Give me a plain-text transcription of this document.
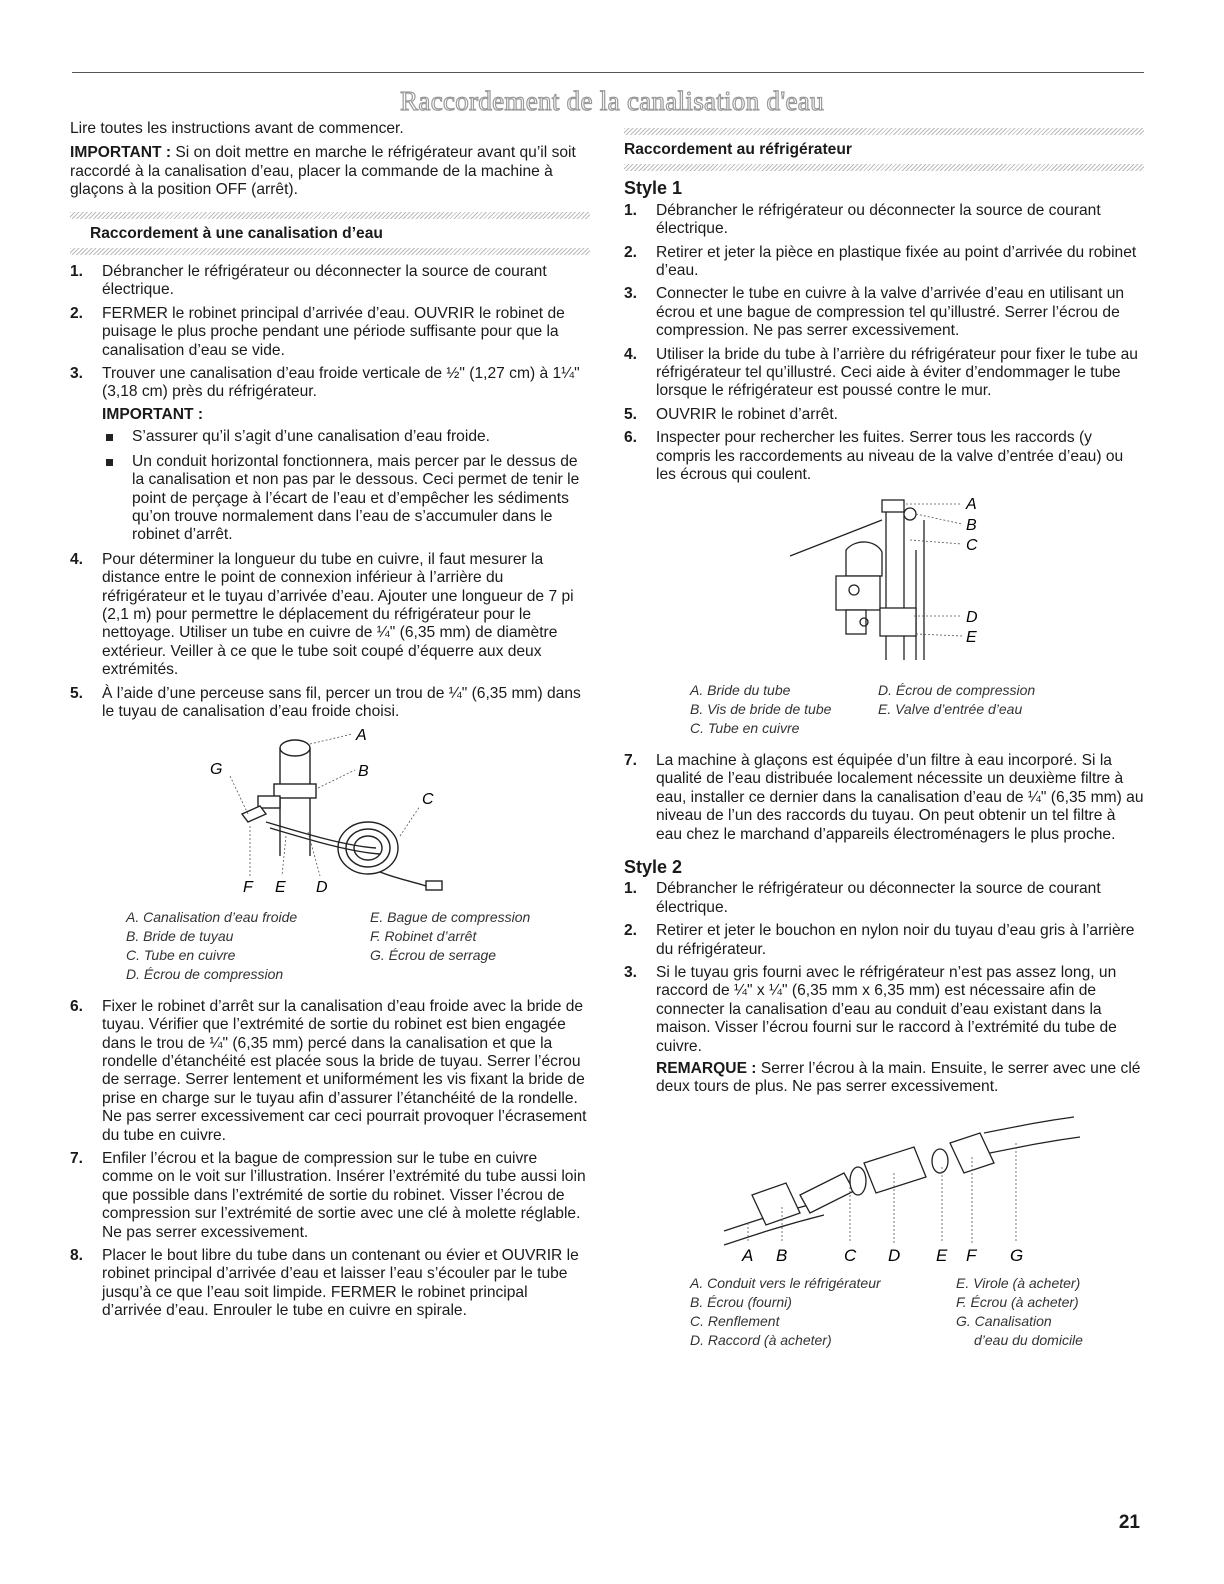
Raccordement de la canalisation d'eau

Lire toutes les instructions avant de commencer.

IMPORTANT : Si on doit mettre en marche le réfrigérateur avant qu’il soit raccordé à la canalisation d’eau, placer la commande de la machine à glaçons à la position OFF (arrêt).

Raccordement à une canalisation d’eau
1. Débrancher le réfrigérateur ou déconnecter la source de courant électrique.
2. FERMER le robinet principal d’arrivée d’eau. OUVRIR le robinet de puisage le plus proche pendant une période suffisante pour que la canalisation d’eau se vide.
3. Trouver une canalisation d’eau froide verticale de ½" (1,27 cm) à 1¼" (3,18 cm) près du réfrigérateur.
IMPORTANT :
S’assurer qu’il s’agit d’une canalisation d’eau froide.
Un conduit horizontal fonctionnera, mais percer par le dessus de la canalisation et non pas par le dessous. Ceci permet de tenir le point de perçage à l’écart de l’eau et d’empêcher les sédiments qu’on trouve normalement dans l’eau de s’accumuler dans le robinet d’arrêt.
4. Pour déterminer la longueur du tube en cuivre, il faut mesurer la distance entre le point de connexion inférieur à l’arrière du réfrigérateur et le tuyau d’arrivée d’eau. Ajouter une longueur de 7 pi (2,1 m) pour permettre le déplacement du réfrigérateur pour le nettoyage. Utiliser un tube en cuivre de ¼" (6,35 mm) de diamètre extérieur. Veiller à ce que le tube soit coupé d’équerre aux deux extrémités.
5. À l’aide d’une perceuse sans fil, percer un trou de ¼" (6,35 mm) dans le tuyau de canalisation d’eau froide choisi.
A
B
C
D
E
F
G
A. Canalisation d’eau froide	E. Bague de compression
B. Bride de tuyau	F. Robinet d’arrêt
C. Tube en cuivre	G. Écrou de serrage
D. Écrou de compression
6. Fixer le robinet d’arrêt sur la canalisation d’eau froide avec la bride de tuyau. Vérifier que l’extrémité de sortie du robinet est bien engagée dans le trou de ¼" (6,35 mm) percé dans la canalisation et que la rondelle d’étanchéité est placée sous la bride de tuyau. Serrer l’écrou de serrage. Serrer lentement et uniformément les vis fixant la bride de prise en charge sur le tuyau afin d’assurer l’étanchéité de la rondelle. Ne pas serrer excessivement car ceci pourrait provoquer l’écrasement du tube en cuivre.
7. Enfiler l’écrou et la bague de compression sur le tube en cuivre comme on le voit sur l’illustration. Insérer l’extrémité du tube aussi loin que possible dans l’extrémité de sortie du robinet. Visser l’écrou de compression sur l’extrémité de sortie avec une clé à molette réglable. Ne pas serrer excessivement.
8. Placer le bout libre du tube dans un contenant ou évier et OUVRIR le robinet principal d’arrivée d’eau et laisser l’eau s’écouler par le tube jusqu’à ce que l’eau soit limpide. FERMER le robinet principal d’arrivée d’eau. Enrouler le tube en cuivre en spirale.
Raccordement au réfrigérateur
Style 1
1. Débrancher le réfrigérateur ou déconnecter la source de courant électrique.
2. Retirer et jeter la pièce en plastique fixée au point d’arrivée du robinet d’eau.
3. Connecter le tube en cuivre à la valve d’arrivée d’eau en utilisant un écrou et une bague de compression tel qu’illustré. Serrer l’écrou de compression. Ne pas serrer excessivement.
4. Utiliser la bride du tube à l’arrière du réfrigérateur pour fixer le tube au réfrigérateur tel qu’illustré. Ceci aide à éviter d’endommager le tube lorsque le réfrigérateur est poussé contre le mur.
5. OUVRIR le robinet d’arrêt.
6. Inspecter pour rechercher les fuites. Serrer tous les raccords (y compris les raccordements au niveau de la valve d’entrée d’eau) ou les écrous qui coulent.
A
B
C
D
E
A. Bride du tube	D. Écrou de compression
B. Vis de bride de tube	E. Valve d’entrée d’eau
C. Tube en cuivre
7. La machine à glaçons est équipée d’un filtre à eau incorporé. Si la qualité de l’eau distribuée localement nécessite un deuxième filtre à eau, installer ce dernier dans la canalisation d’eau de ¼" (6,35 mm) au niveau de l’un des raccords du tuyau. On peut obtenir un tel filtre à eau chez le marchand d’appareils électroménagers le plus proche.
Style 2
1. Débrancher le réfrigérateur ou déconnecter la source de courant électrique.
2. Retirer et jeter le bouchon en nylon noir du tuyau d’eau gris à l’arrière du réfrigérateur.
3. Si le tuyau gris fourni avec le réfrigérateur n’est pas assez long, un raccord de ¼" x ¼" (6,35 mm x 6,35 mm) est nécessaire afin de connecter la canalisation d’eau au conduit d’eau existant dans la maison. Visser l’écrou fourni sur le raccord à l’extrémité du tube de cuivre.

REMARQUE : Serrer l’écrou à la main. Ensuite, le serrer avec une clé deux tours de plus. Ne pas serrer excessivement.

A B	C D E F G
A. Conduit vers le réfrigérateur	E. Virole (à acheter)
B. Écrou (fourni)	F. Écrou (à acheter)
C. Renflement	G. Canalisation
D. Raccord (à acheter)	d’eau du domicile
21
